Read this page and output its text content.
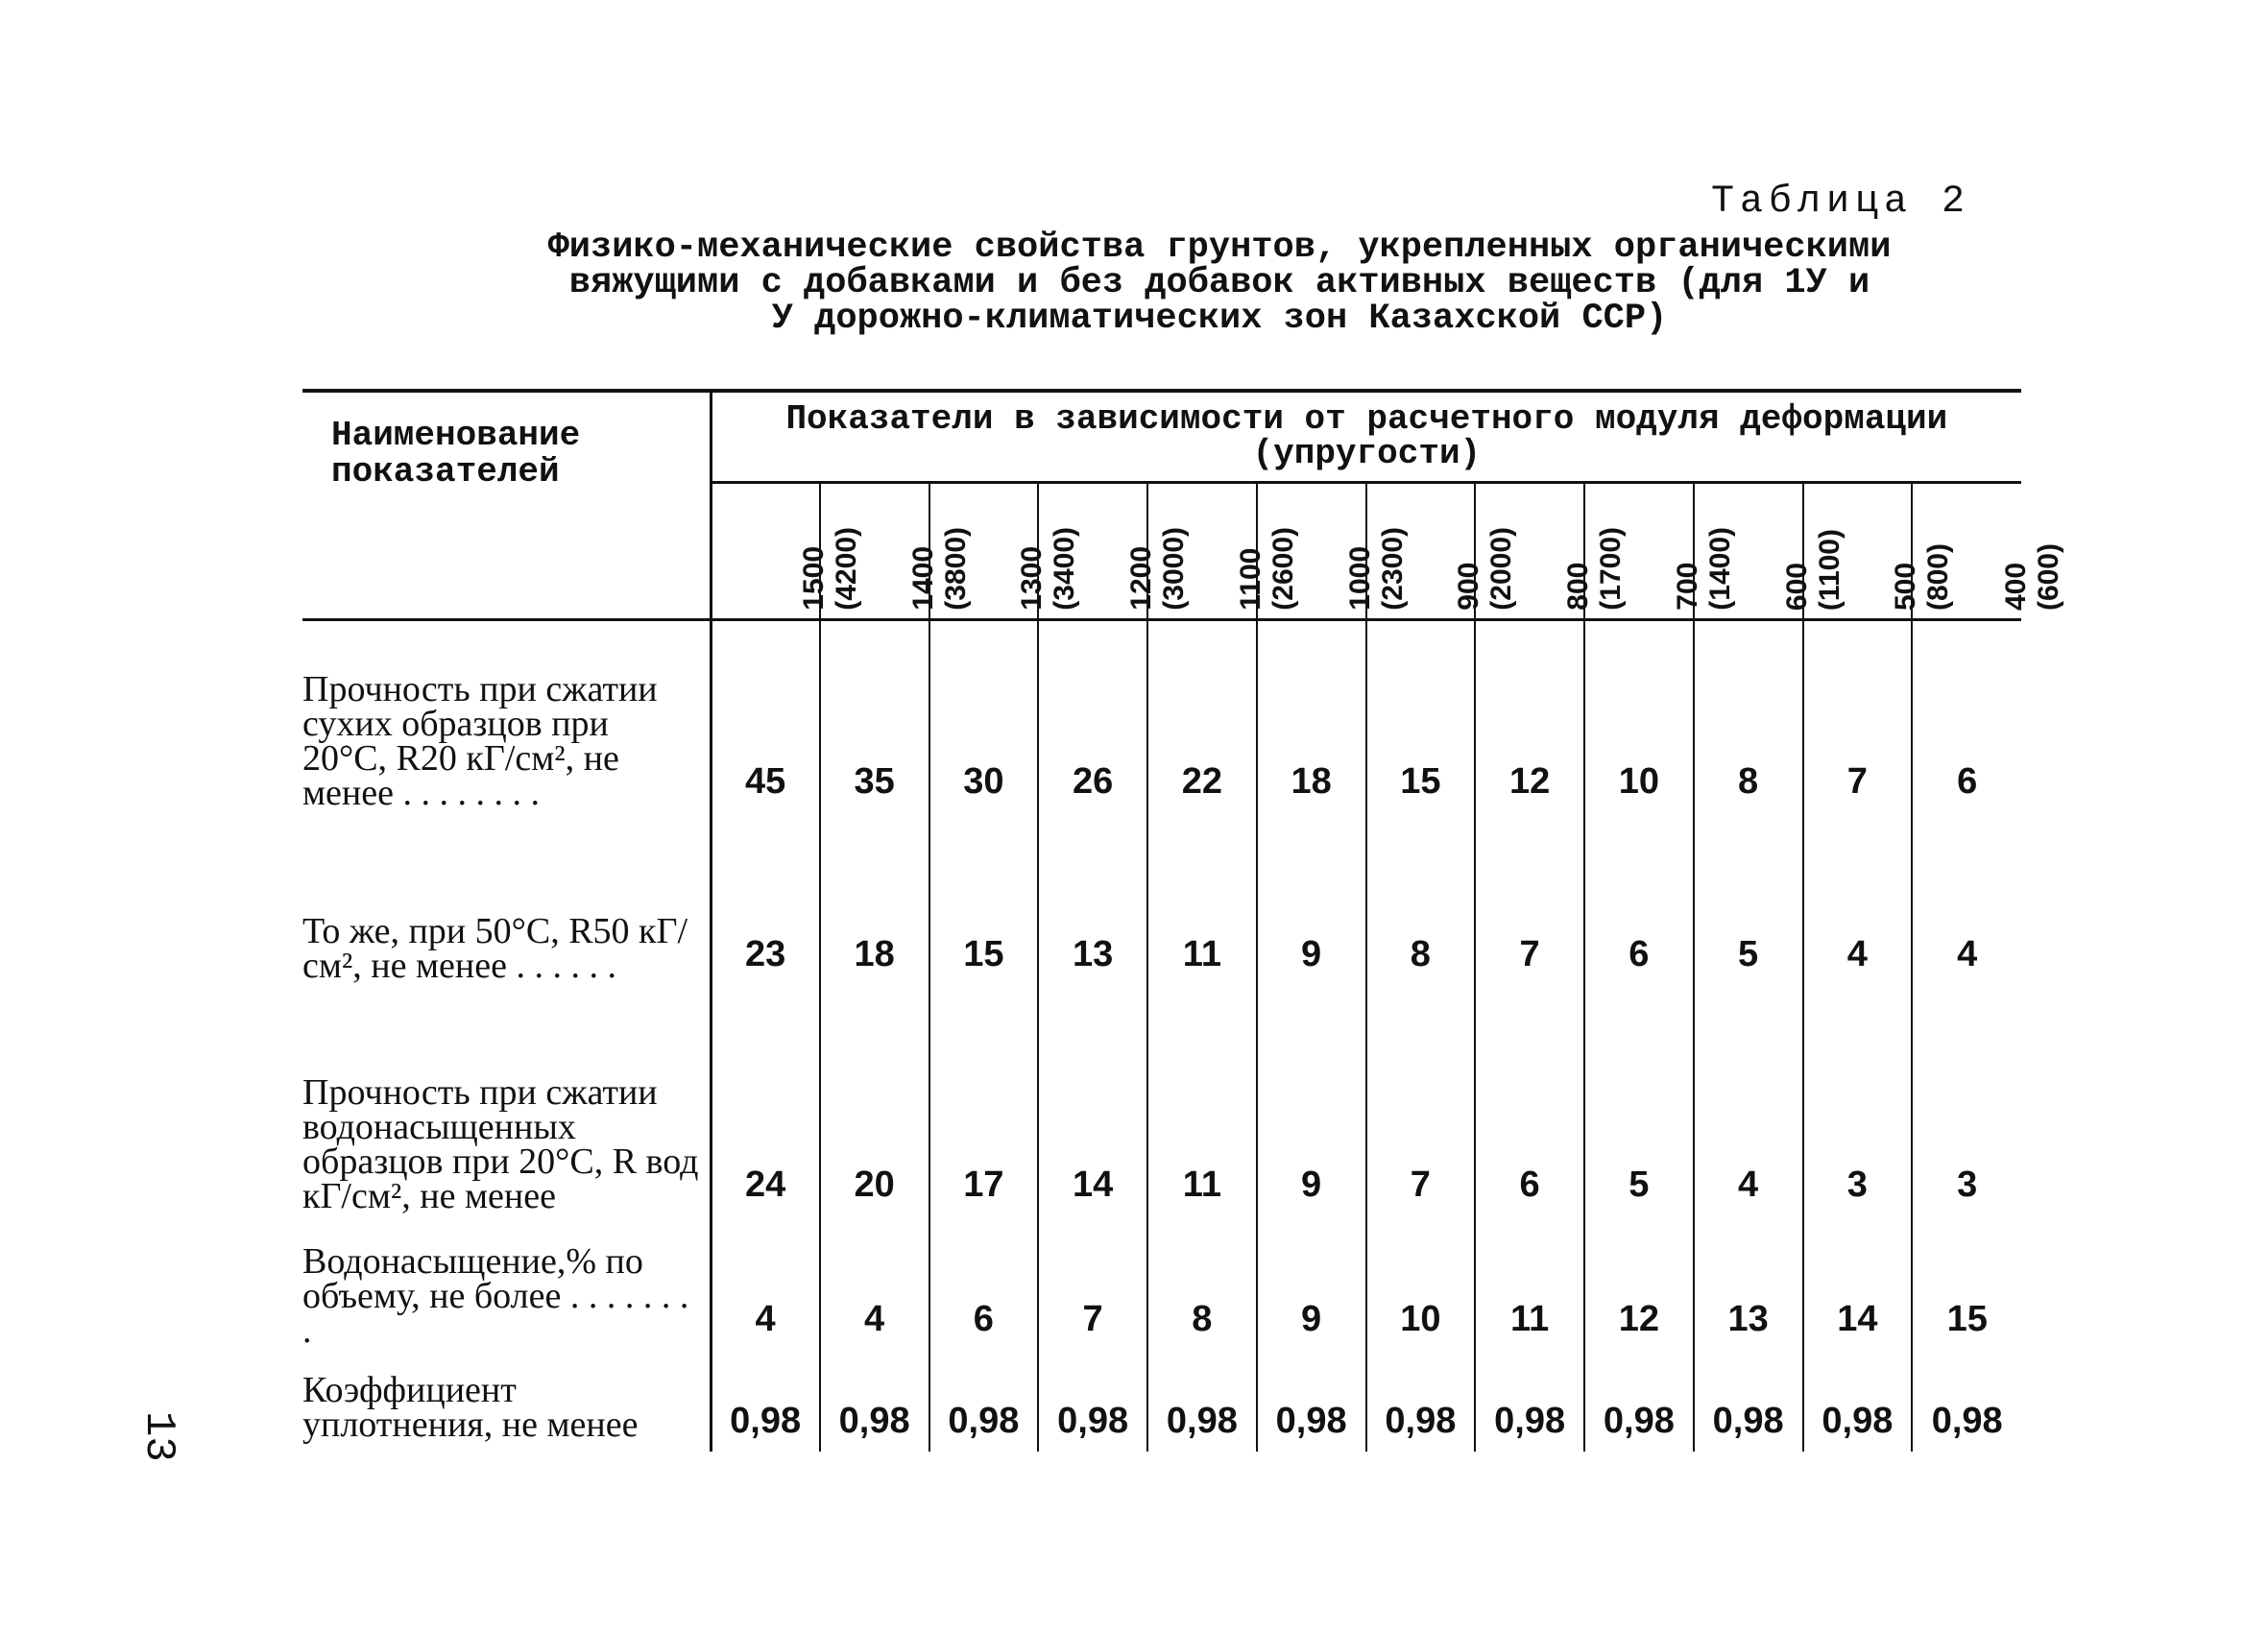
Таблица 2
Физико-механические свойства грунтов, укрепленных органическими
вяжущими с добавками и без добавок активных веществ (для 1У и
У дорожно-климатических зон Казахской ССР)
Наименование показателей	Показатели в зависимости от расчетного модуля деформации (упругости)											

	1500 (4200)	1400 (3800)	1300 (3400)	1200 (3000)	1100 (2600)	1000 (2300)	900 (2000)	800 (1700)	700 (1400)	600 (1100)	500 (800)	400 (600)

Прочность при сжатии сухих образцов при 20°С, R20 кГ/см², не менее . . . . . . . .	45	35	30	26	22	18	15	12	10	8	7	6
То же, при 50°С, R50 кГ/см², не менее . . . . . .	23	18	15	13	11	9	8	7	6	5	4	4
Прочность при сжатии водонасыщенных образцов при 20°С, R вод кГ/см², не менее	24	20	17	14	11	9	7	6	5	4	3	3
Водонасыщение,% по объему, не более . . . . . . . .	4	4	6	7	8	9	10	11	12	13	14	15
Коэффициент уплотнения, не менее	0,98	0,98	0,98	0,98	0,98	0,98	0,98	0,98	0,98	0,98	0,98	0,98
13
